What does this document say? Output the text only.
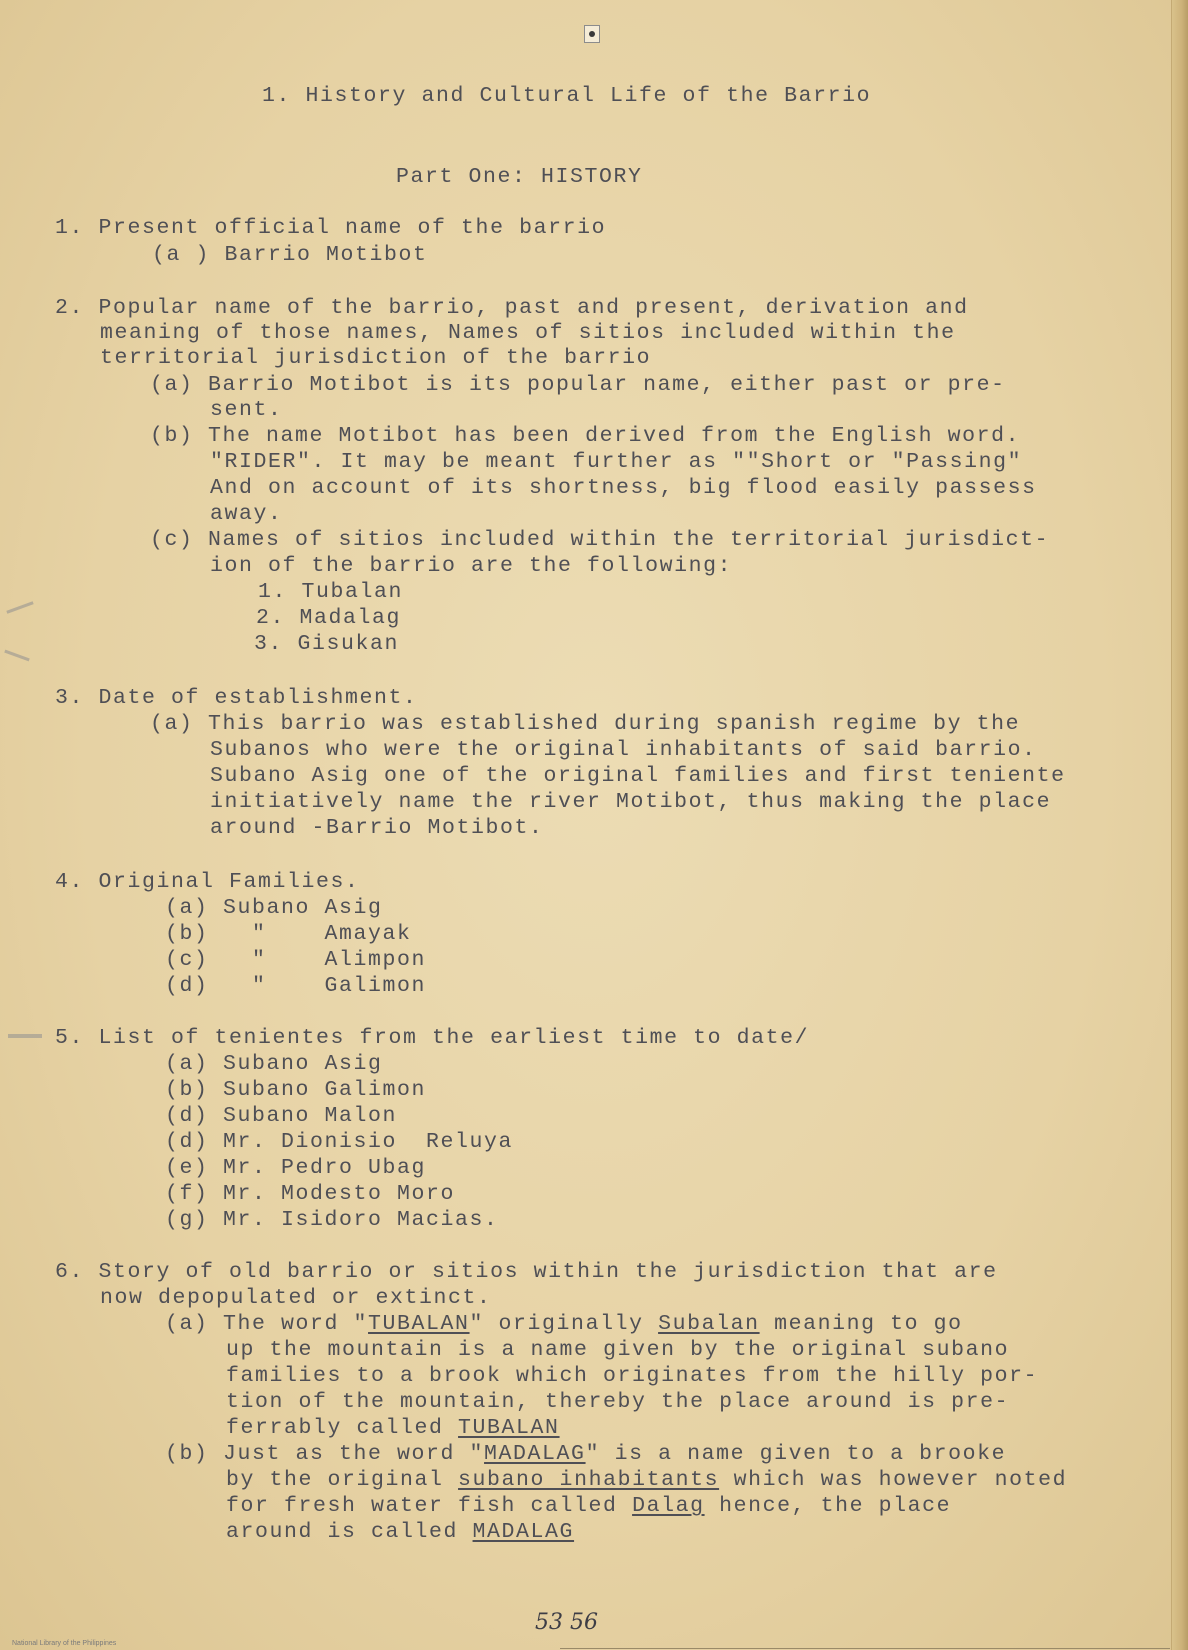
1. History and Cultural Life of the Barrio
Part One: HISTORY
1. Present official name of the barrio
(a ) Barrio Motibot
2. Popular name of the barrio, past and present, derivation and
meaning of those names, Names of sitios included within the
territorial jurisdiction of the barrio
(a) Barrio Motibot is its popular name, either past or pre-
sent.
(b) The name Motibot has been derived from the English word.
"RIDER". It may be meant further as ""Short or "Passing"
And on account of its shortness, big flood easily passess
away.
(c) Names of sitios included within the territorial jurisdict-
ion of the barrio are the following:
1. Tubalan
2. Madalag
3. Gisukan
3. Date of establishment.
(a) This barrio was established during spanish regime by the
Subanos who were the original inhabitants of said barrio.
Subano Asig one of the original families and first teniente
initiatively name the river Motibot, thus making the place
around -Barrio Motibot.
4. Original Families.
(a) Subano Asig
(b)   "    Amayak
(c)   "    Alimpon
(d)   "    Galimon
5. List of tenientes from the earliest time to date/
(a) Subano Asig
(b) Subano Galimon
(d) Subano Malon
(d) Mr. Dionisio  Reluya
(e) Mr. Pedro Ubag
(f) Mr. Modesto Moro
(g) Mr. Isidoro Macias.
6. Story of old barrio or sitios within the jurisdiction that are
now depopulated or extinct.
(a) The word "TUBALAN" originally Subalan meaning to go
up the mountain is a name given by the original subano
families to a brook which originates from the hilly por-
tion of the mountain, thereby the place around is pre-
ferrably called TUBALAN
(b) Just as the word "MADALAG" is a name given to a brooke
by the original subano inhabitants which was however noted
for fresh water fish called Dalag hence, the place
around is called MADALAG
53 56
National Library of the Philippines
